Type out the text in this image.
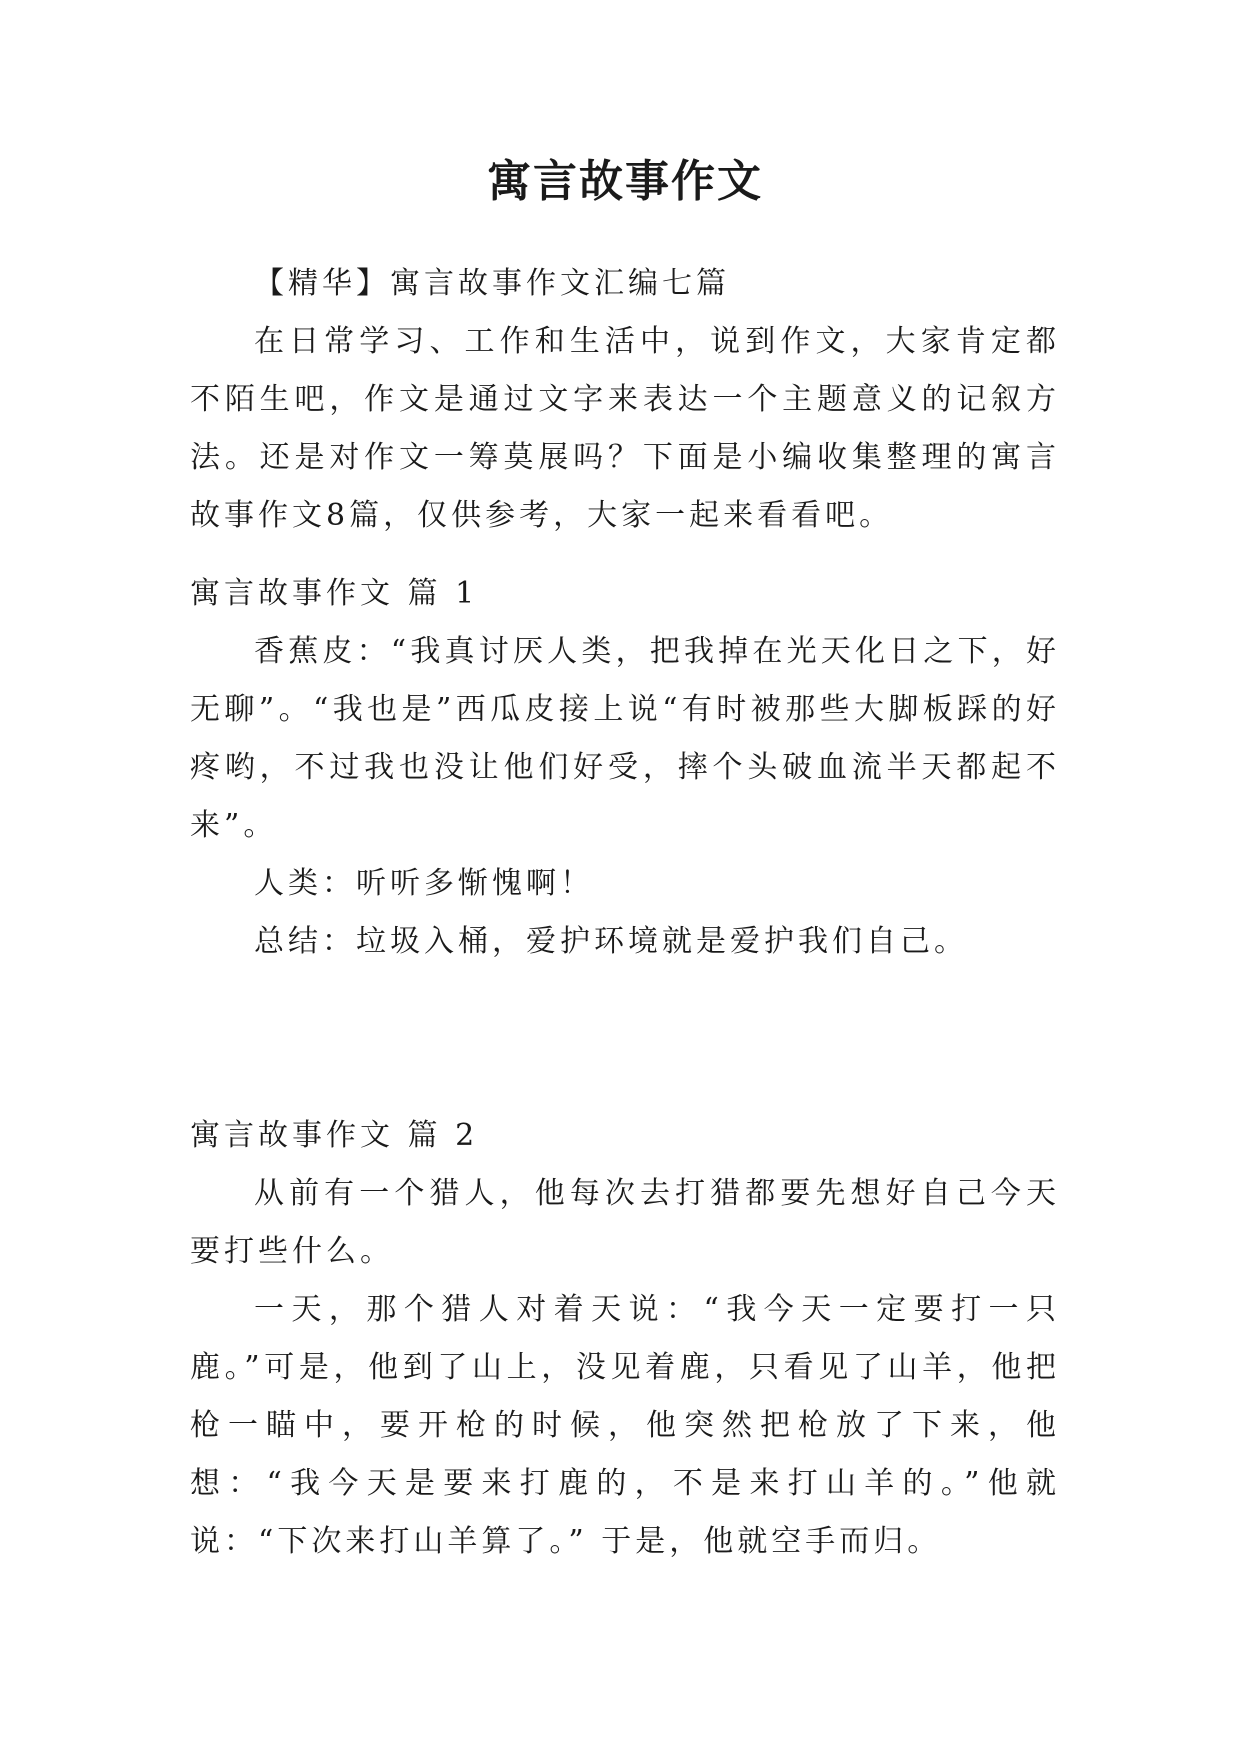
寓言故事作文

【精华】寓言故事作文汇编七篇

在日常学习、工作和生活中，说到作文，大家肯定都不陌生吧，作文是通过文字来表达一个主题意义的记叙方法。还是对作文一筹莫展吗？下面是小编收集整理的寓言故事作文8篇，仅供参考，大家一起来看看吧。

寓言故事作文 篇 1

香蕉皮：“我真讨厌人类，把我掉在光天化日之下，好无聊”。“我也是”西瓜皮接上说“有时被那些大脚板踩的好疼哟，不过我也没让他们好受，摔个头破血流半天都起不来”。

人类：听听多惭愧啊！

总结：垃圾入桶，爱护环境就是爱护我们自己。

寓言故事作文 篇 2

从前有一个猎人，他每次去打猎都要先想好自己今天要打些什么。

一天，那个猎人对着天说：“我今天一定要打一只鹿。”可是，他到了山上，没见着鹿，只看见了山羊，他把枪一瞄中，要开枪的时候，他突然把枪放了下来，他想：“我今天是要来打鹿的，不是来打山羊的。”他就说：“下次来打山羊算了。” 于是，他就空手而归。
